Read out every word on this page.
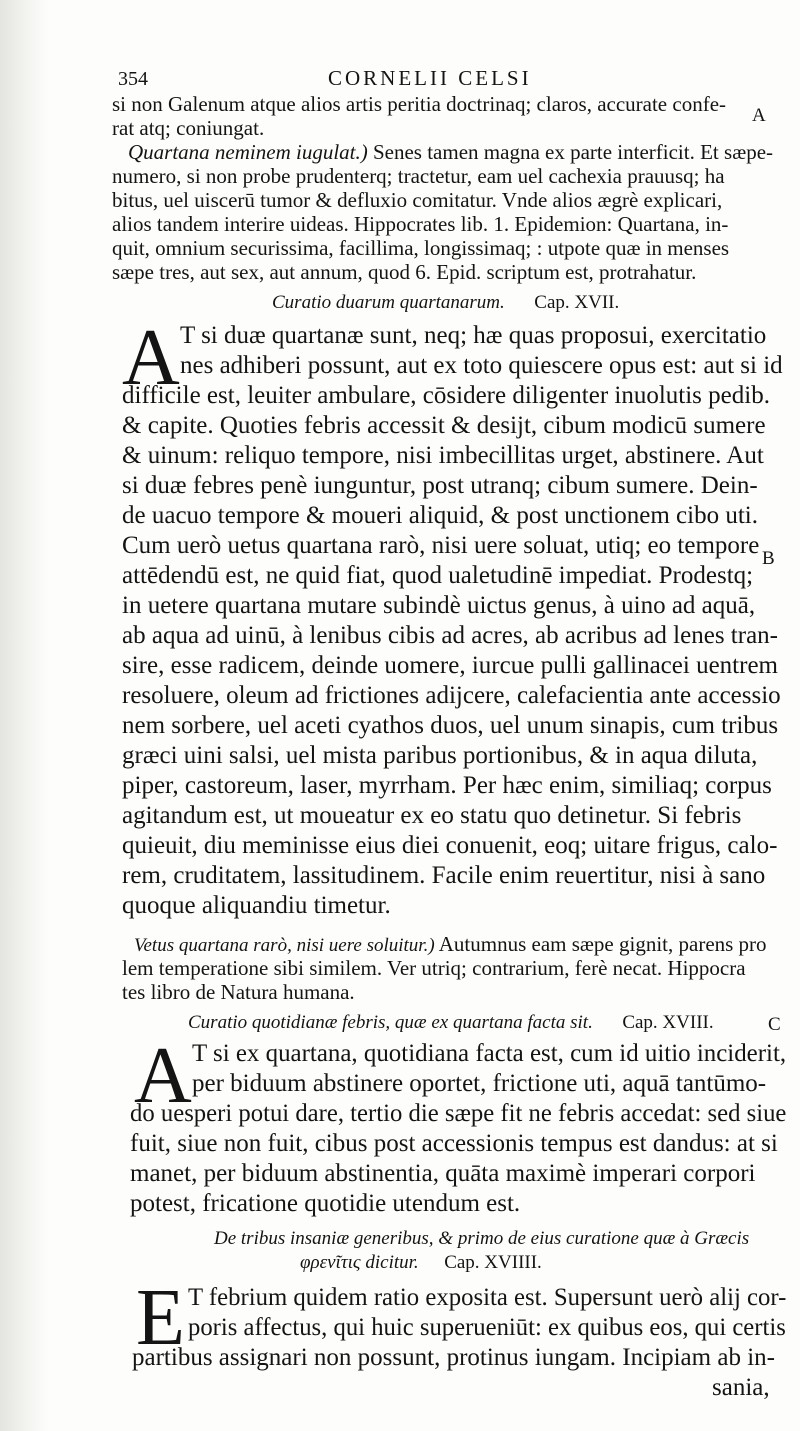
354	CORNELII CELSI
A
B
C
si non Galenum atque alios artis peritia doctrinaq; claros, accurate confe-
rat atq; coniungat.
Quartana neminem iugulat.) Senes tamen magna ex parte interficit. Et sæpe-
numero, si non probe prudenterq; tractetur, eam uel cachexia prauusq; ha
bitus, uel uiscerū tumor & defluxio comitatur. Vnde alios ægrè explicari,
alios tandem interire uideas. Hippocrates lib. 1. Epidemion: Quartana, in-
quit, omnium securissima, facillima, longissimaq; : utpote quæ in menses
sæpe tres, aut sex, aut annum, quod 6. Epid. scriptum est, protrahatur.
Curatio duarum quartanarum. Cap. XVII.
A T si duæ quartanæ sunt, neq; hæ quas proposui, exercitatio
nes adhiberi possunt, aut ex toto quiescere opus est: aut si id
difficile est, leuiter ambulare, cōsidere diligenter inuolutis pedib.
& capite. Quoties febris accessit & desijt, cibum modicū sumere
& uinum: reliquo tempore, nisi imbecillitas urget, abstinere. Aut
si duæ febres penè iunguntur, post utranq; cibum sumere. Dein-
de uacuo tempore & moueri aliquid, & post unctionem cibo uti.
Cum uerò uetus quartana rarò, nisi uere soluat, utiq; eo tempore
attēdendū est, ne quid fiat, quod ualetudinē impediat. Prodestq;
in uetere quartana mutare subindè uictus genus, à uino ad aquā,
ab aqua ad uinū, à lenibus cibis ad acres, ab acribus ad lenes tran-
sire, esse radicem, deinde uomere, iurcue pulli gallinacei uentrem
resoluere, oleum ad frictiones adijcere, calefacientia ante accessio
nem sorbere, uel aceti cyathos duos, uel unum sinapis, cum tribus
græci uini salsi, uel mista paribus portionibus, & in aqua diluta,
piper, castoreum, laser, myrrham. Per hæc enim, similiaq; corpus
agitandum est, ut moueatur ex eo statu quo detinetur. Si febris
quieuit, diu meminisse eius diei conuenit, eoq; uitare frigus, calo-
rem, cruditatem, lassitudinem. Facile enim reuertitur, nisi à sano
quoque aliquandiu timetur.
Vetus quartana rarò, nisi uere soluitur.) Autumnus eam sæpe gignit, parens pro
lem temperatione sibi similem. Ver utriq; contrarium, ferè necat. Hippocra
tes libro de Natura humana.
Curatio quotidianæ febris, quæ ex quartana facta sit. Cap. XVIII.
A T si ex quartana, quotidiana facta est, cum id uitio inciderit,
per biduum abstinere oportet, frictione uti, aquā tantūmo-
do uesperi potui dare, tertio die sæpe fit ne febris accedat: sed siue
fuit, siue non fuit, cibus post accessionis tempus est dandus: at si
manet, per biduum abstinentia, quāta maximè imperari corpori
potest, fricatione quotidie utendum est.
De tribus insaniæ generibus, & primo de eius curatione quæ à Græcis
φρενῖτις dicitur. Cap. XVIIII.
E T febrium quidem ratio exposita est. Supersunt uerò alij cor-
poris affectus, qui huic superueniūt: ex quibus eos, qui certis
partibus assignari non possunt, protinus iungam. Incipiam ab in-
sania,
